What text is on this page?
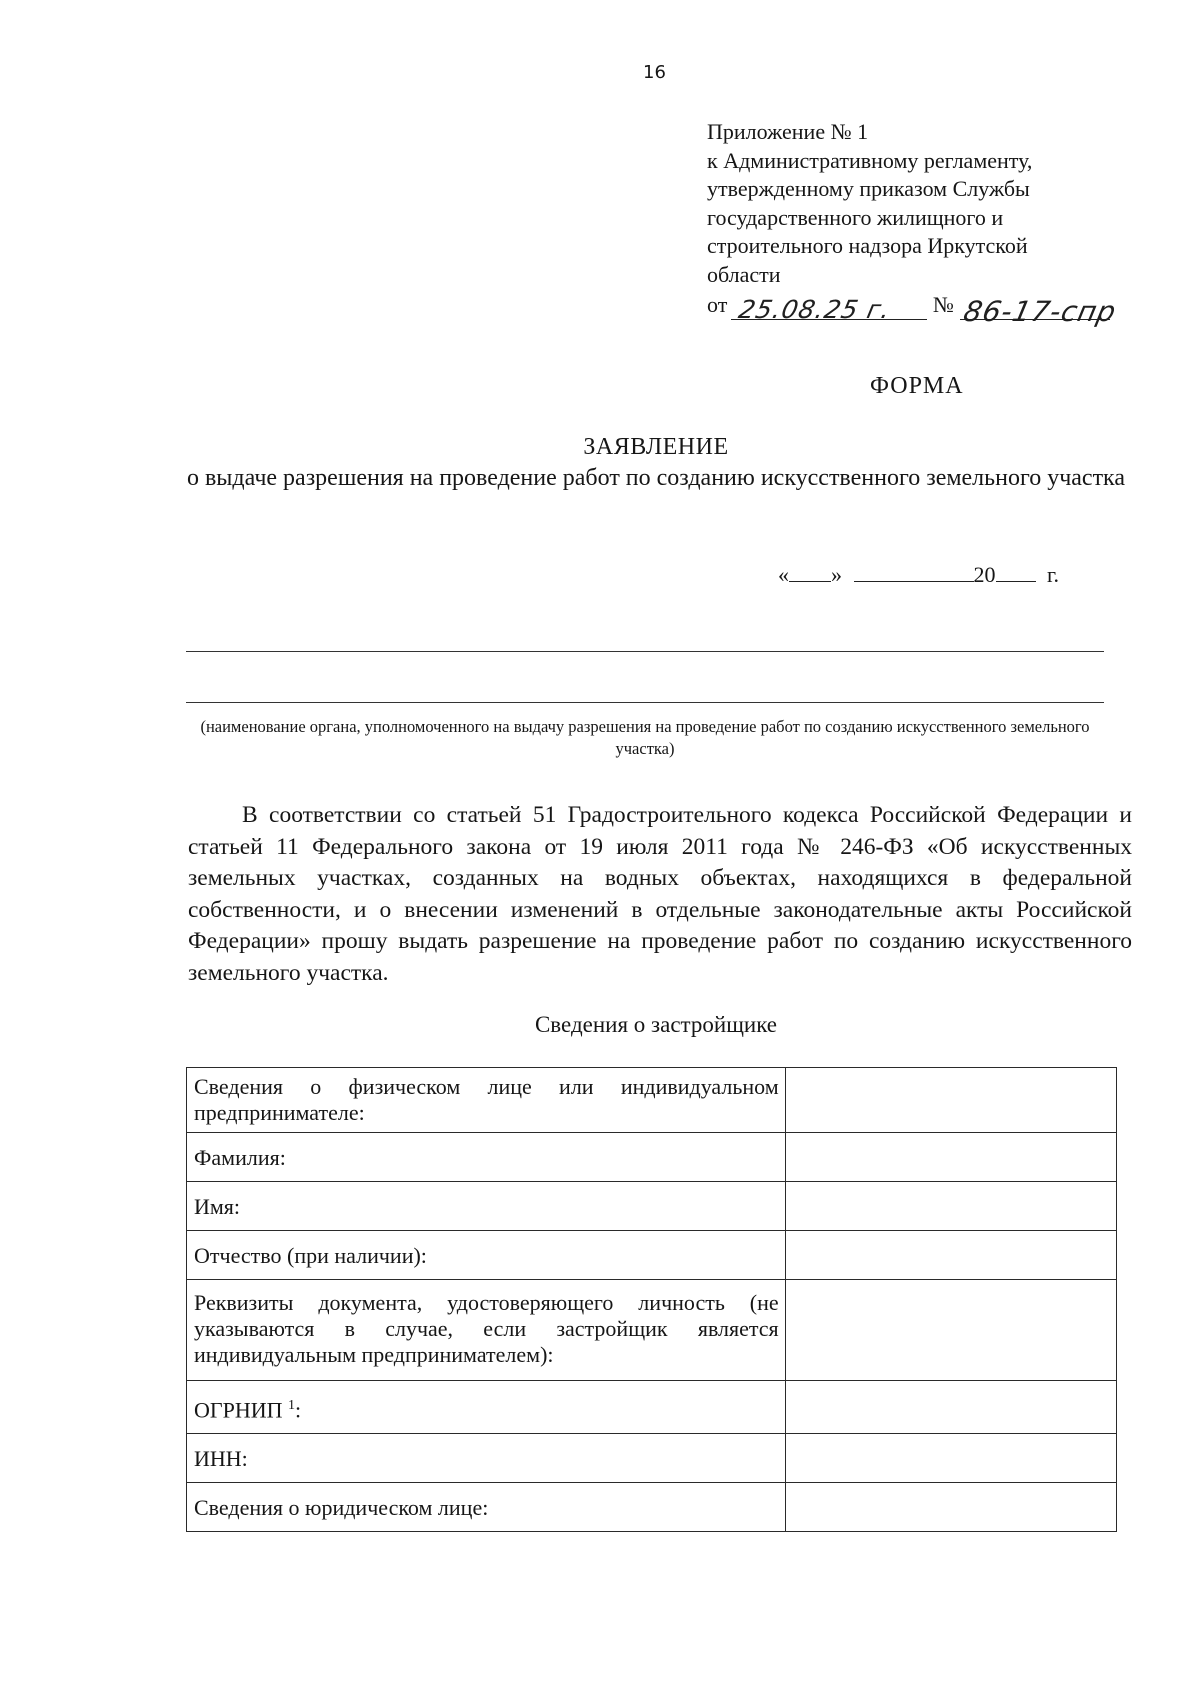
16
Приложение № 1
к Административному регламенту,
утвержденному приказом Службы
государственного жилищного и
строительного надзора Иркутской
области
от 25.08.25 г. № 86-17-спр
ФОРМА
ЗАЯВЛЕНИЕ
о выдаче разрешения на проведение работ по созданию искусственного земельного участка
« »	20 г.
(наименование органа, уполномоченного на выдачу разрешения на проведение работ по созданию искусственного земельного участка)
В соответствии со статьей 51 Градостроительного кодекса Российской Федерации и статьей 11 Федерального закона от 19 июля 2011 года № 246-ФЗ «Об искусственных земельных участках, созданных на водных объектах, находящихся в федеральной собственности, и о внесении изменений в отдельные законодательные акты Российской Федерации» прошу выдать разрешение на проведение работ по созданию искусственного земельного участка.
Сведения о застройщике
Сведения о физическом лице или индивидуальном предпринимателе:	
Фамилия:	
Имя:	
Отчество (при наличии):	
Реквизиты документа, удостоверяющего личность (не указываются в случае, если застройщик является индивидуальным предпринимателем):	
ОГРНИП $^1$:	
ИНН:	
Сведения о юридическом лице:	
